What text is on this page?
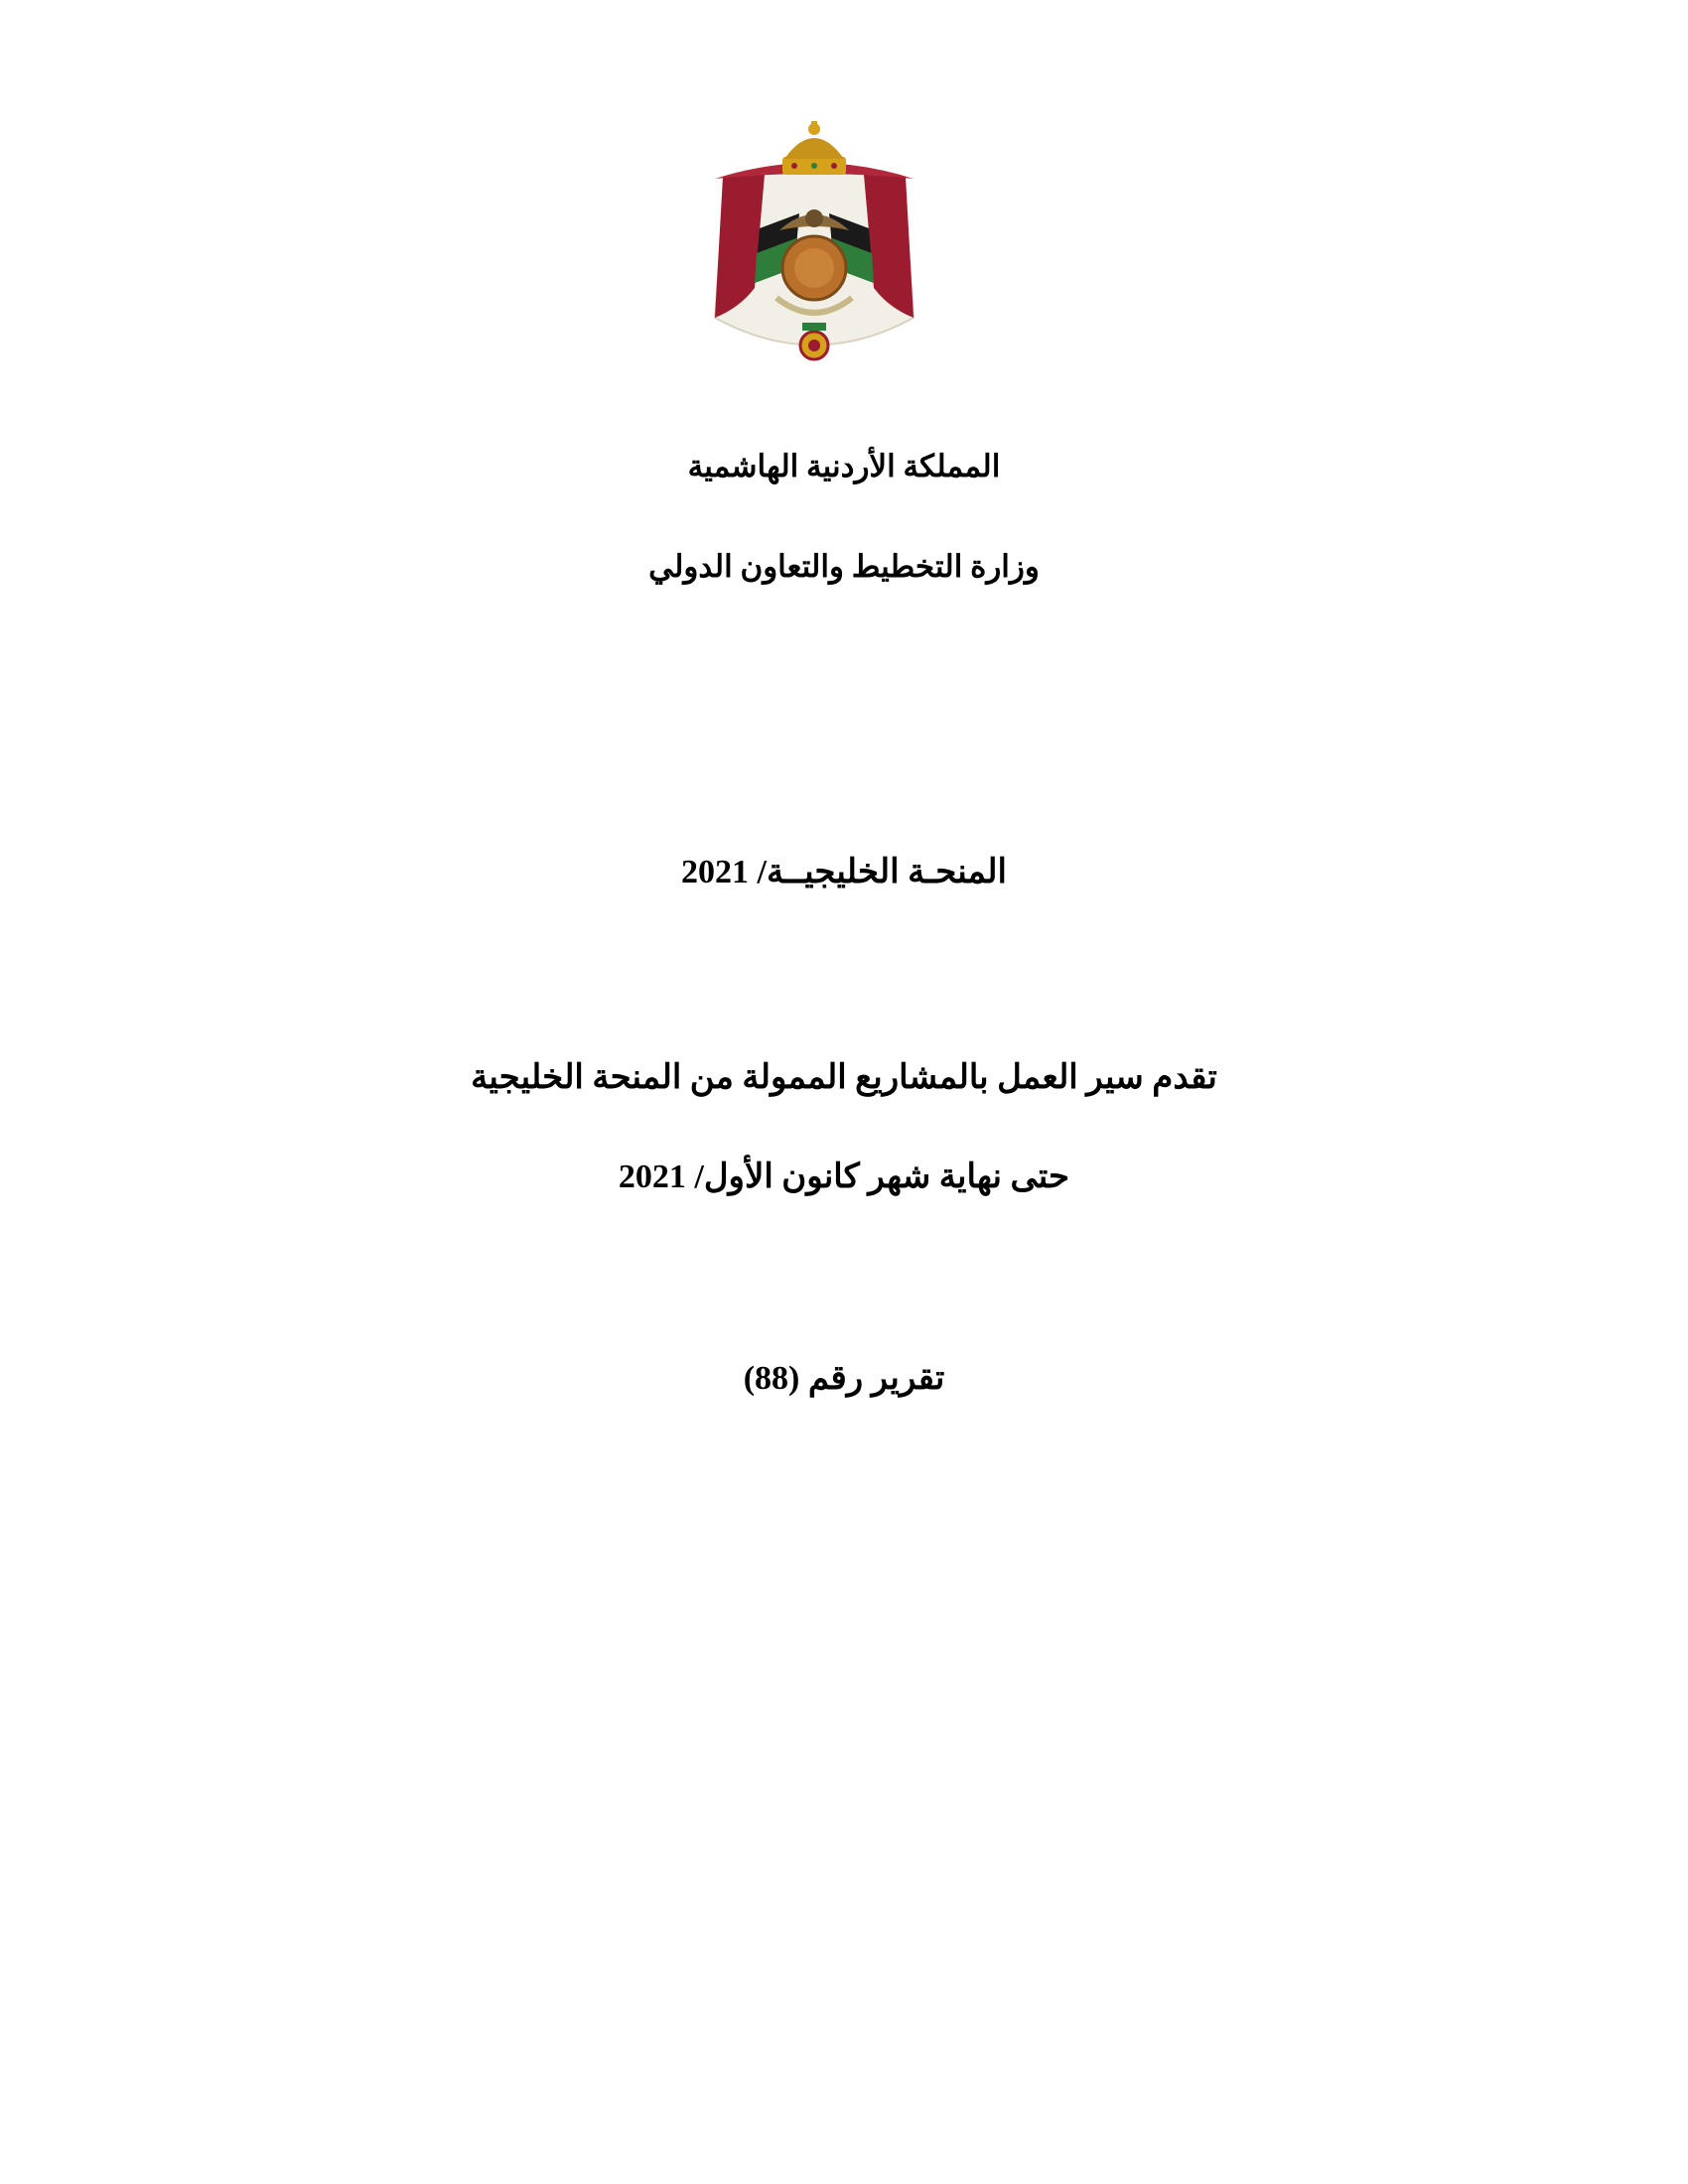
المملكة الأردنية الهاشمية
وزارة التخطيط والتعاون الدولي
المنحـة الخليجيــة/ 2021
تقدم سير العمل بالمشاريع الممولة من المنحة الخليجية
حتى نهاية شهر كانون الأول/ 2021
تقرير رقم (88)
